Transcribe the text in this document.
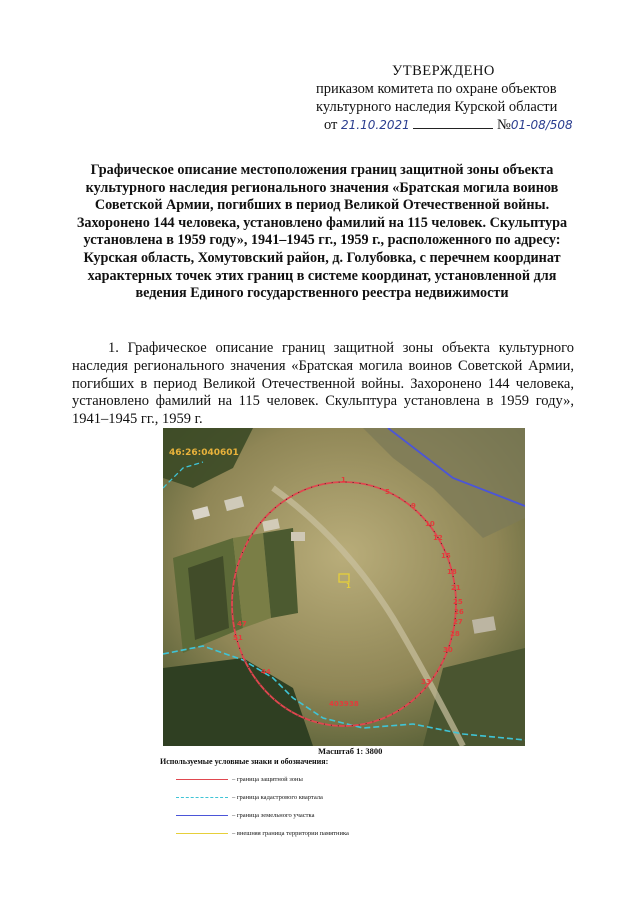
УТВЕРЖДЕНО
приказом комитета по охране объектов
культурного наследия Курской области
от 21.10.2021	№01-08/508
Графическое описание местоположения границ защитной зоны объекта культурного наследия регионального значения «Братская могила воинов Советской Армии, погибших в период Великой Отечественной войны. Захоронено 144 человека, установлено фамилий на 115 человек. Скульптура установлена в 1959 году», 1941–1945 гг., 1959 г., расположенного по адресу: Курская область, Хомутовский район, д. Голубовка, с перечнем координат характерных точек этих границ в системе координат, установленной для ведения Единого государственного реестра недвижимости
1. Графическое описание границ защитной зоны объекта культурного наследия регионального значения «Братская могила воинов Советской Армии, погибших в период Великой Отечественной войны. Захоронено 144 человека, установлено фамилий на 115 человек. Скульптура установлена в 1959 году», 1941–1945 гг., 1959 г.
46:26:040601
1
1
5
9
10
12
15
18
21
25
26
27
28
30
33
38
39
40
44
47
51
Масштаб 1: 3800
Используемые условные знаки и обозначения:
– граница защитной зоны
– граница кадастрового квартала
– граница земельного участка
– внешняя граница территории памятника
